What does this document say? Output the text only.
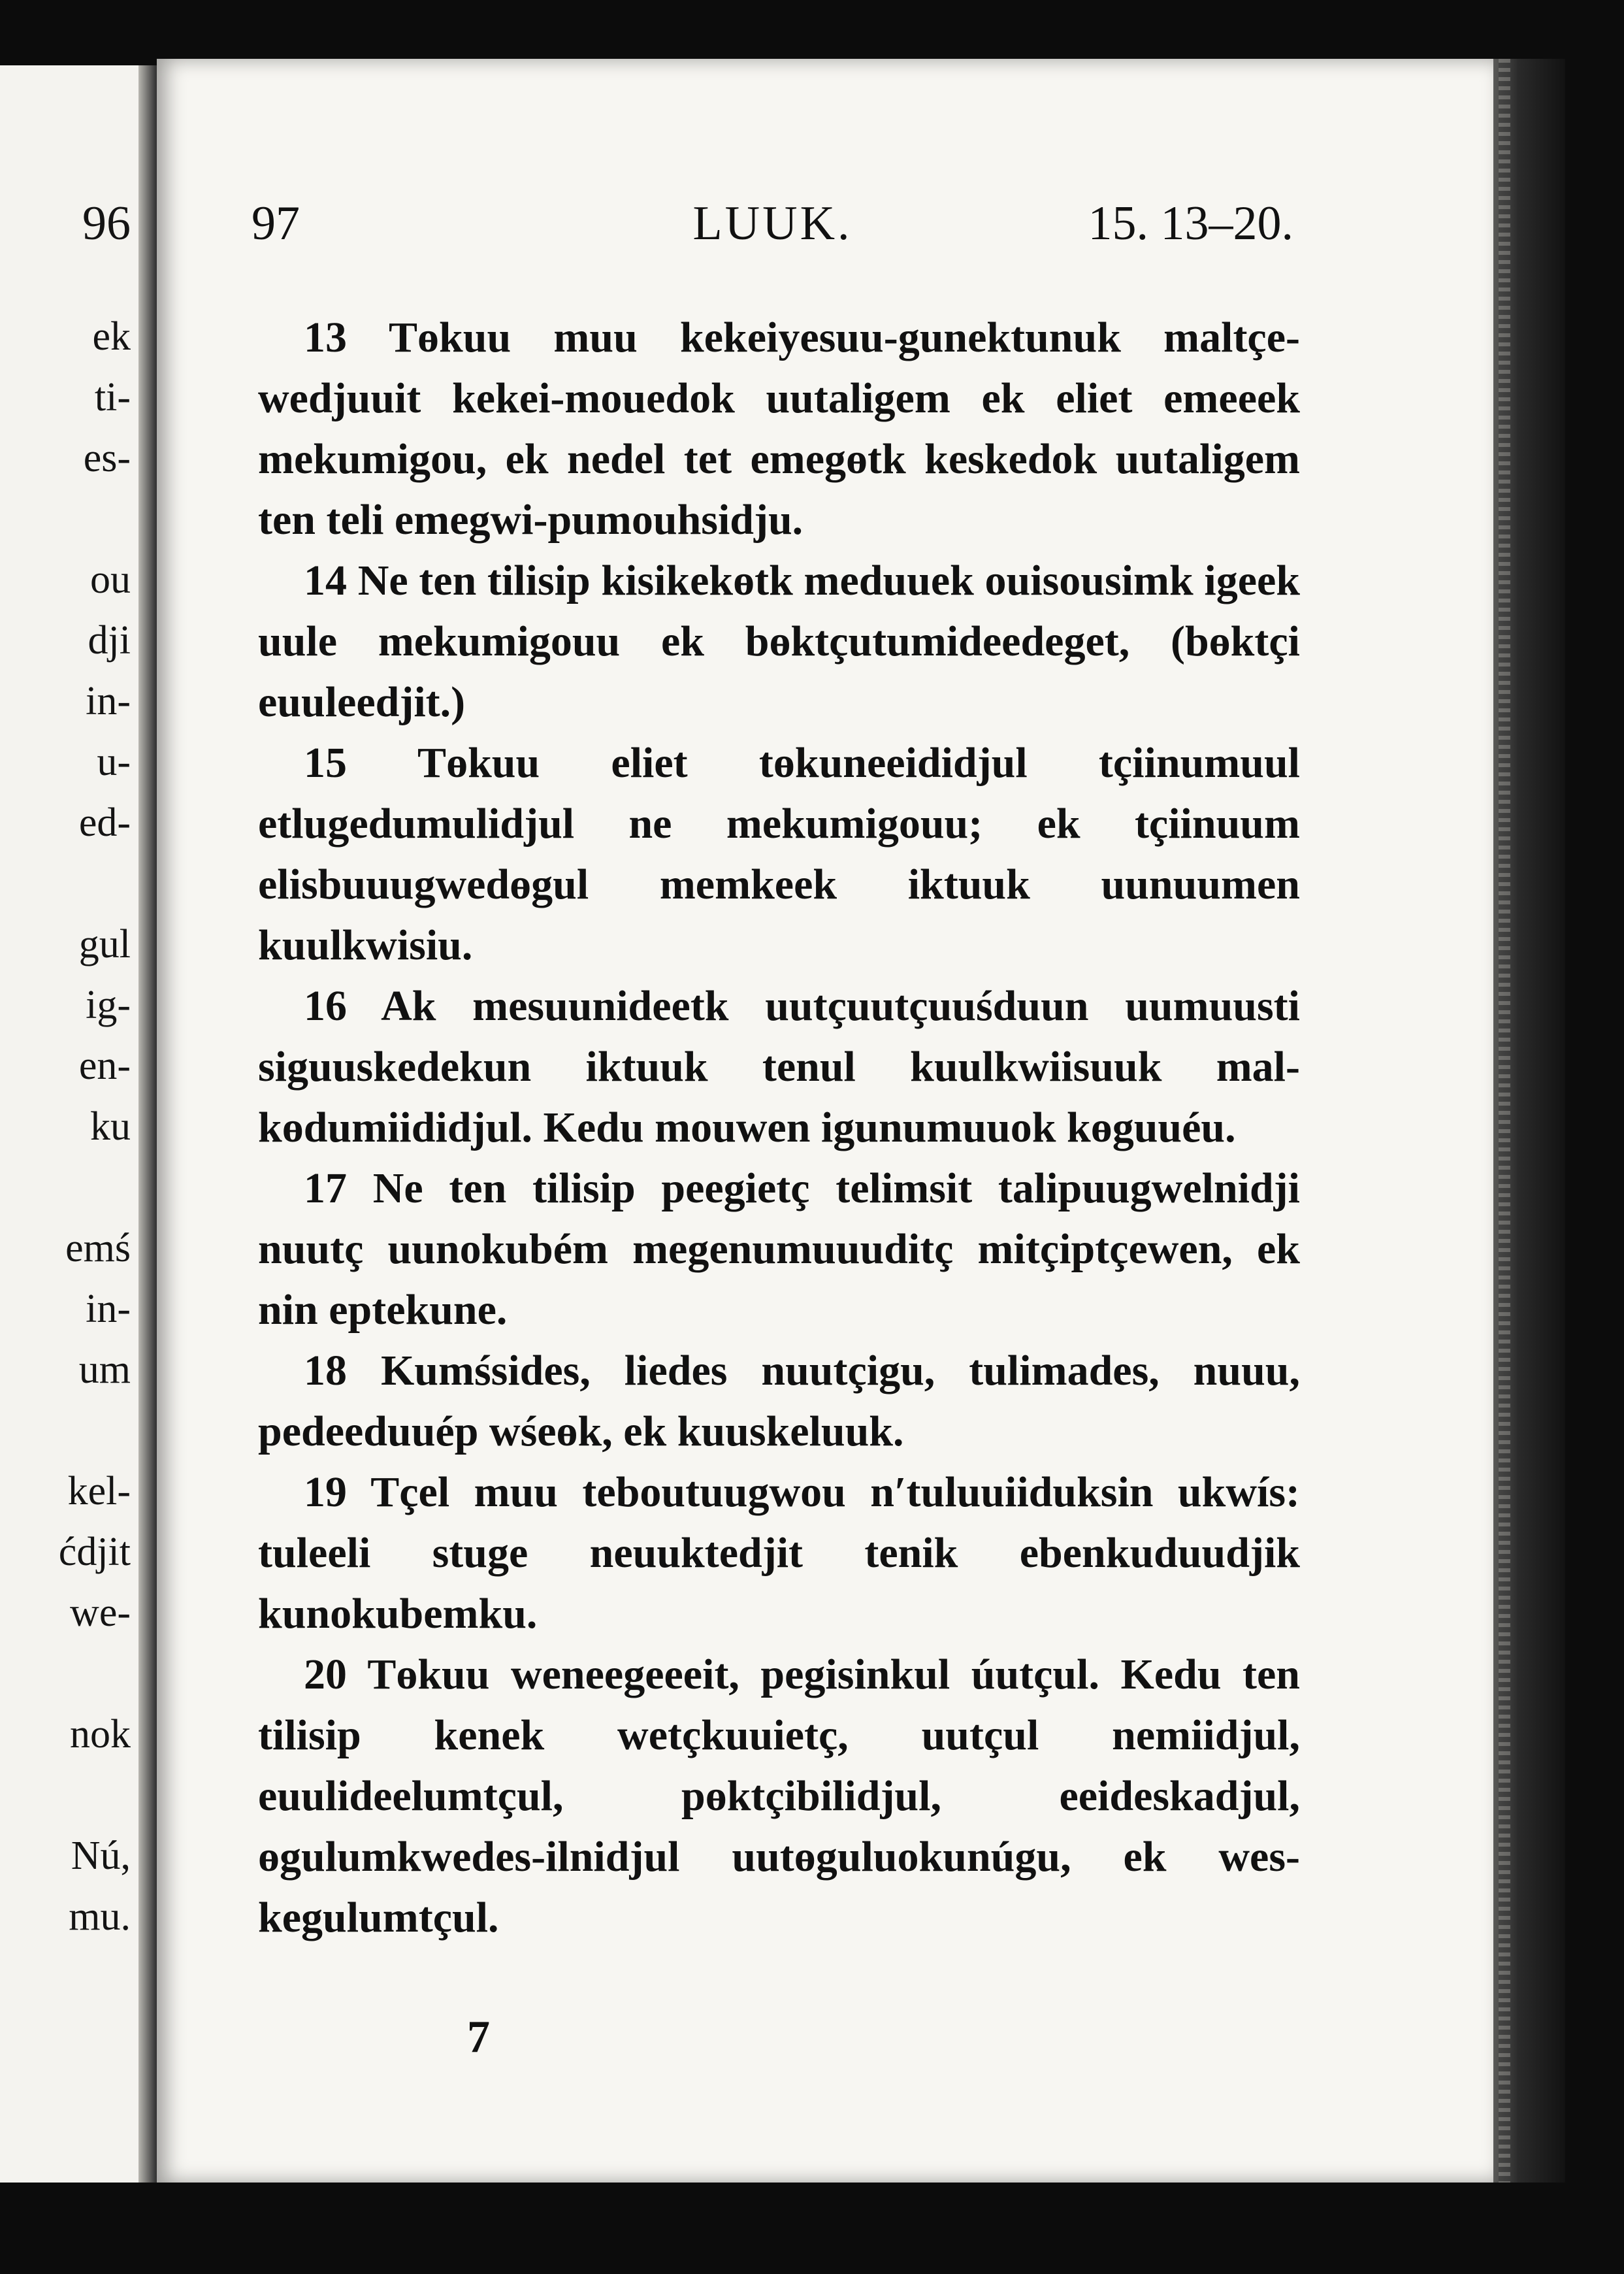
96
ek
ti-
es-
ou
dji
in-
u-
ed-
gul
ig-
en-
ku
emś
in-
um
kel-
ćdjit
we-
nok
Nú,
mu.
97	LUUK.	15. 13–20.

13 Tɵkuu muu kekeiyesuu-gunektunuk maltçewedjuuit kekei-mouedok uutaligem ek eliet emeeek mekumigou, ek nedel tet emegɵtk keskedok uutaligem ten teli emegwi-pumouhsidju.

14 Ne ten tilisip kisikekɵtk meduuek ouisousimk igeek uule mekumigouu ek bɵktçutumideedeget, (bɵktçi euuleedjit.)

15 Tɵkuu eliet tɵkuneeididjul tçiinumuul etlugedumulidjul ne mekumigouu; ek tçiinuum elisbuuugwedɵgul memkeek iktuuk uunuumen kuulkwisiu.

16 Ak mesuunideetk uutçuutçuuśduun uumuusti siguuskedekun iktuuk tenul kuulkwiisuuk malkɵdumiididjul. Kedu mouwen igunumuuok kɵguuéu.

17 Ne ten tilisip peegietç telimsit talipuugwelnidji nuutç uunokubém megenumuuuditç mitçiptçewen, ek nin eptekune.

18 Kumśsides, liedes nuutçigu, tulimades, nuuu, pedeeduuép wśeɵk, ek kuuskeluuk.

19 Tçel muu teboutuugwou n′tuluuiiduksin ukwís: tuleeli stuge neuuktedjit tenik ebenkuduudjik kunokubemku.

20 Tɵkuu weneegeeeit, pegisinkul úutçul. Kedu ten tilisip kenek wetçkuuietç, uutçul nemiidjul, euulideelumtçul, pɵktçibilidjul, eeideskadjul, ɵgulumkwedes-ilnidjul uutɵguluokunúgu, ek weskegulumtçul.

7
